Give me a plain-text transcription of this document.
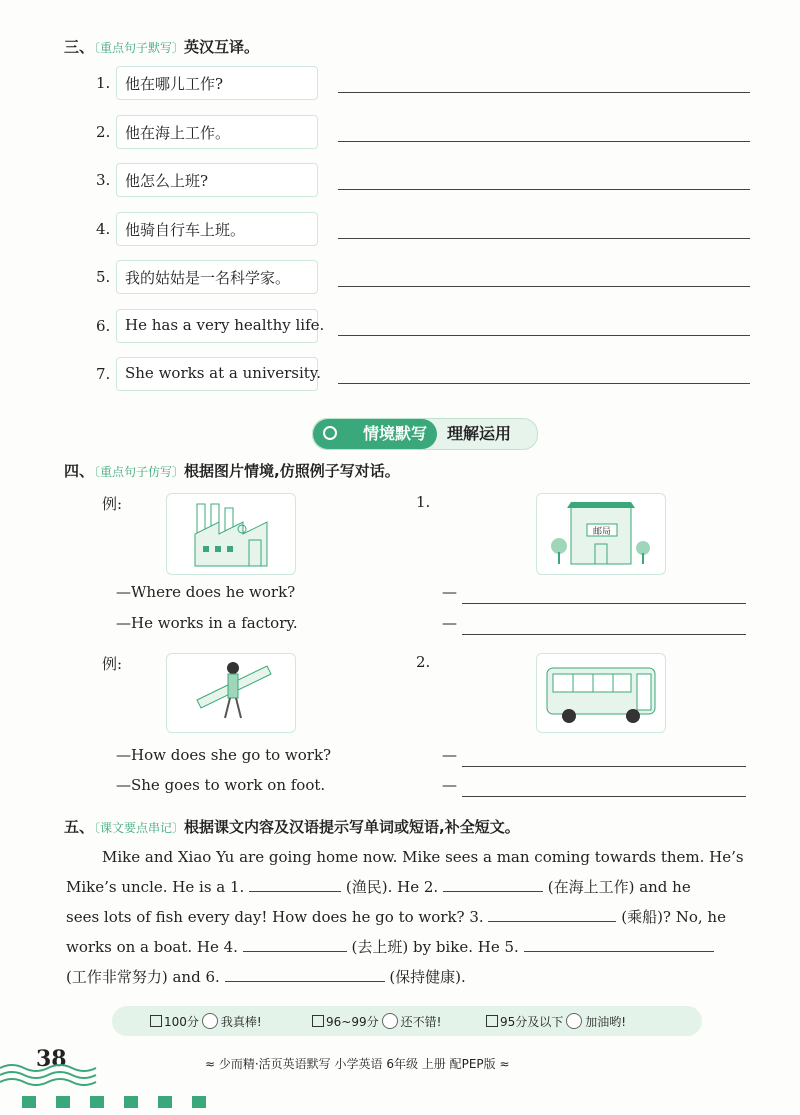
三、〔重点句子默写〕英汉互译。
1. 他在哪儿工作?
2. 他在海上工作。
3. 他怎么上班?
4. 他骑自行车上班。
5. 我的姑姑是一名科学家。
6. He has a very healthy life.
7. She works at a university.
情境默写	理解运用
四、〔重点句子仿写〕根据图片情境,仿照例子写对话。
例:	1.
邮局
—Where does he work?
—He works in a factory.
—
—
例:	2.
—How does she go to work?
—She goes to work on foot.
—
—
五、〔课文要点串记〕根据课文内容及汉语提示写单词或短语,补全短文。
Mike and Xiao Yu are going home now. Mike sees a man coming towards them. He’s
Mike’s uncle. He is a 1.	(渔民). He 2.	(在海上工作) and he
sees lots of fish every day! How does he go to work? 3.	(乘船)? No, he
works on a boat. He 4.	(去上班) by bike. He 5.
(工作非常努力) and 6.	(保持健康).
100分 我真棒!	96~99分 还不错!	95分及以下 加油哟!
38	≈ 少而精·活页英语默写 小学英语 6年级 上册 配PEP版 ≈
